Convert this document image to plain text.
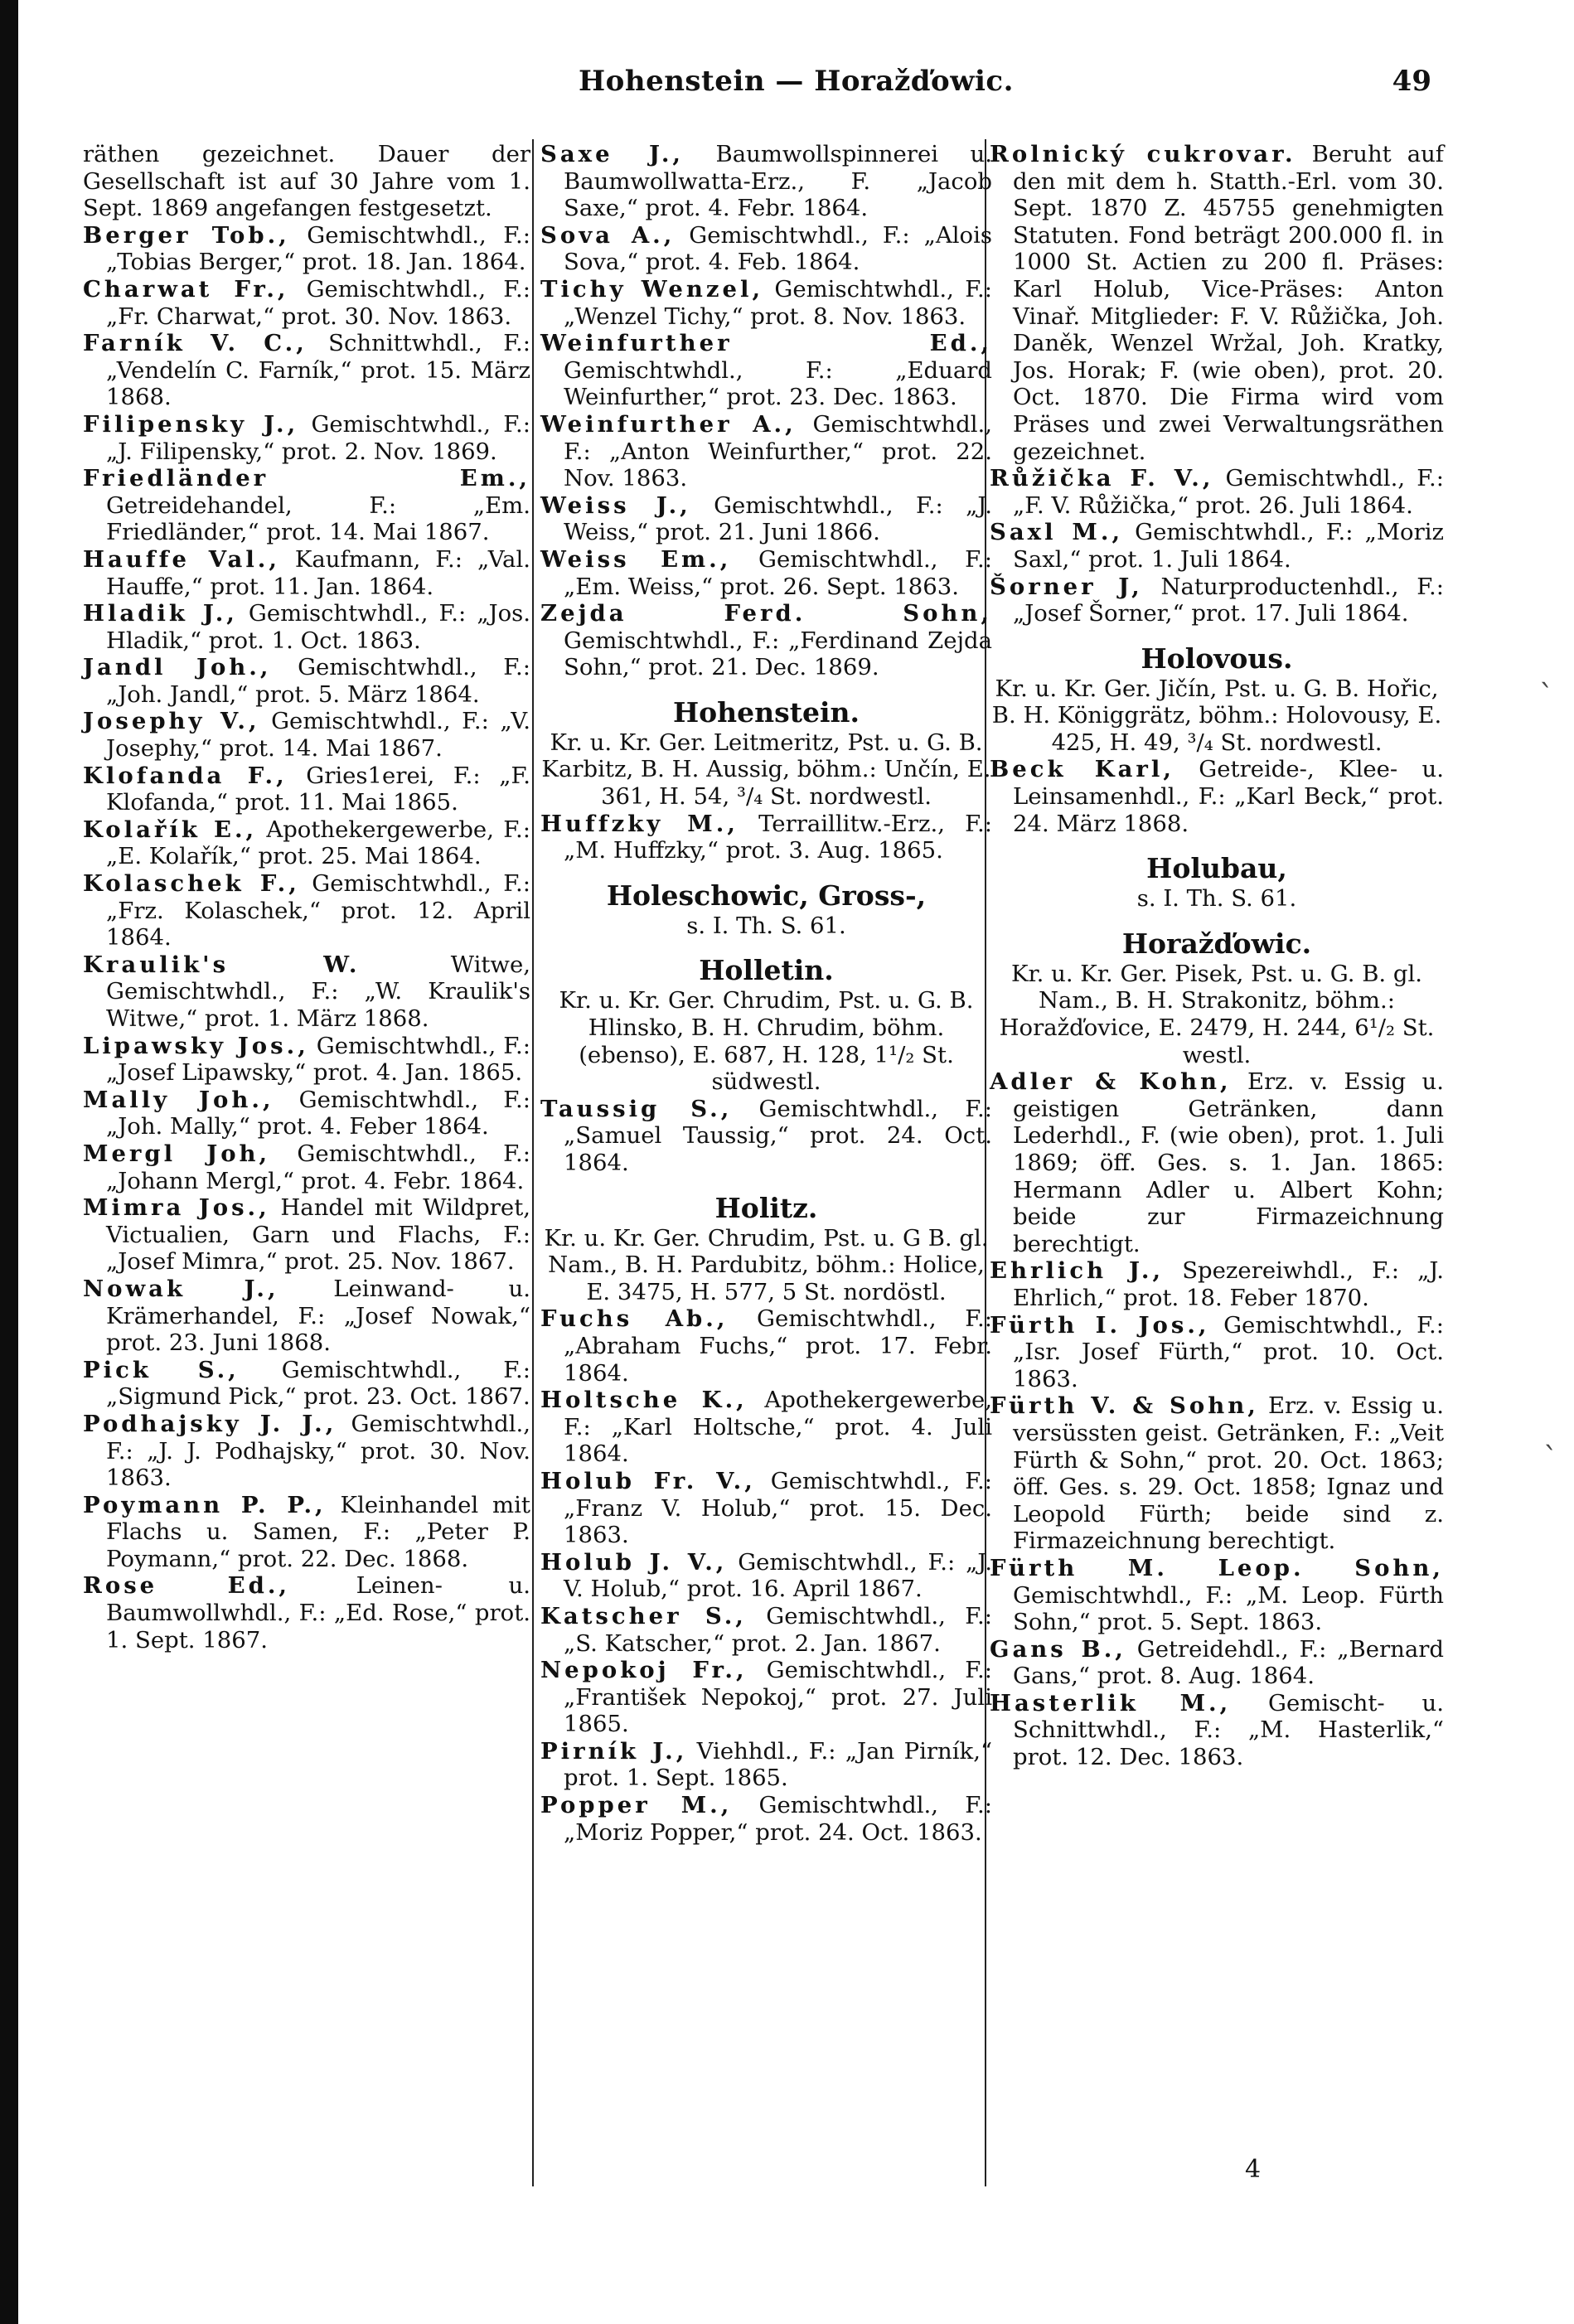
Hohenstein — Horažďowic.	49

räthen gezeichnet. Dauer der Gesellschaft ist auf 30 Jahre vom 1. Sept. 1869 angefangen festgesetzt.

Berger Tob., Gemischtwhdl., F.: „Tobias Berger,“ prot. 18. Jan. 1864.

Charwat Fr., Gemischtwhdl., F.: „Fr. Charwat,“ prot. 30. Nov. 1863.

Farník V. C., Schnittwhdl., F.: „Vendelín C. Farník,“ prot. 15. März 1868.

Filipensky J., Gemischtwhdl., F.: „J. Filipensky,“ prot. 2. Nov. 1869.

Friedländer Em., Getreidehandel, F.: „Em. Friedländer,“ prot. 14. Mai 1867.

Hauffe Val., Kaufmann, F.: „Val. Hauffe,“ prot. 11. Jan. 1864.

Hladik J., Gemischtwhdl., F.: „Jos. Hladik,“ prot. 1. Oct. 1863.

Jandl Joh., Gemischtwhdl., F.: „Joh. Jandl,“ prot. 5. März 1864.

Josephy V., Gemischtwhdl., F.: „V. Josephy,“ prot. 14. Mai 1867.

Klofanda F., Gries1erei, F.: „F. Klofanda,“ prot. 11. Mai 1865.

Kolařík E., Apothekergewerbe, F.: „E. Kolařík,“ prot. 25. Mai 1864.

Kolaschek F., Gemischtwhdl., F.: „Frz. Kolaschek,“ prot. 12. April 1864.

Kraulik's W. Witwe, Gemischtwhdl., F.: „W. Kraulik's Witwe,“ prot. 1. März 1868.

Lipawsky Jos., Gemischtwhdl., F.: „Josef Lipawsky,“ prot. 4. Jan. 1865.

Mally Joh., Gemischtwhdl., F.: „Joh. Mally,“ prot. 4. Feber 1864.

Mergl Joh, Gemischtwhdl., F.: „Johann Mergl,“ prot. 4. Febr. 1864.

Mimra Jos., Handel mit Wildpret, Victualien, Garn und Flachs, F.: „Josef Mimra,“ prot. 25. Nov. 1867.

Nowak J., Leinwand- u. Krämerhandel, F.: „Josef Nowak,“ prot. 23. Juni 1868.

Pick S., Gemischtwhdl., F.: „Sigmund Pick,“ prot. 23. Oct. 1867.

Podhajsky J. J., Gemischtwhdl., F.: „J. J. Podhajsky,“ prot. 30. Nov. 1863.

Poymann P. P., Kleinhandel mit Flachs u. Samen, F.: „Peter P. Poymann,“ prot. 22. Dec. 1868.

Rose Ed., Leinen- u. Baumwollwhdl., F.: „Ed. Rose,“ prot. 1. Sept. 1867.

Saxe J., Baumwollspinnerei u. Baumwollwatta-Erz., F. „Jacob Saxe,“ prot. 4. Febr. 1864.

Sova A., Gemischtwhdl., F.: „Alois Sova,“ prot. 4. Feb. 1864.

Tichy Wenzel, Gemischtwhdl., F.: „Wenzel Tichy,“ prot. 8. Nov. 1863.

Weinfurther Ed., Gemischtwhdl., F.: „Eduard Weinfurther,“ prot. 23. Dec. 1863.

Weinfurther A., Gemischtwhdl., F.: „Anton Weinfurther,“ prot. 22. Nov. 1863.

Weiss J., Gemischtwhdl., F.: „J. Weiss,“ prot. 21. Juni 1866.

Weiss Em., Gemischtwhdl., F.: „Em. Weiss,“ prot. 26. Sept. 1863.

Zejda Ferd. Sohn, Gemischtwhdl., F.: „Ferdinand Zejda Sohn,“ prot. 21. Dec. 1869.

Hohenstein.

Kr. u. Kr. Ger. Leitmeritz, Pst. u. G. B. Karbitz, B. H. Aussig, böhm.: Unčín, E. 361, H. 54, ³/₄ St. nordwestl.

Huffzky M., Terraillitw.-Erz., F.: „M. Huffzky,“ prot. 3. Aug. 1865.

Holeschowic, Gross-,

s. I. Th. S. 61.

Holletin.

Kr. u. Kr. Ger. Chrudim, Pst. u. G. B. Hlinsko, B. H. Chrudim, böhm. (ebenso), E. 687, H. 128, 1¹/₂ St. südwestl.

Taussig S., Gemischtwhdl., F.: „Samuel Taussig,“ prot. 24. Oct. 1864.

Holitz.

Kr. u. Kr. Ger. Chrudim, Pst. u. G B. gl. Nam., B. H. Pardubitz, böhm.: Holice, E. 3475, H. 577, 5 St. nordöstl.

Fuchs Ab., Gemischtwhdl., F.: „Abraham Fuchs,“ prot. 17. Febr. 1864.

Holtsche K., Apothekergewerbe, F.: „Karl Holtsche,“ prot. 4. Juli 1864.

Holub Fr. V., Gemischtwhdl., F.: „Franz V. Holub,“ prot. 15. Dec. 1863.

Holub J. V., Gemischtwhdl., F.: „J. V. Holub,“ prot. 16. April 1867.

Katscher S., Gemischtwhdl., F.: „S. Katscher,“ prot. 2. Jan. 1867.

Nepokoj Fr., Gemischtwhdl., F.: „František Nepokoj,“ prot. 27. Juli 1865.

Pirník J., Viehhdl., F.: „Jan Pirník,“ prot. 1. Sept. 1865.

Popper M., Gemischtwhdl., F.: „Moriz Popper,“ prot. 24. Oct. 1863.

Rolnický cukrovar. Beruht auf den mit dem h. Statth.-Erl. vom 30. Sept. 1870 Z. 45755 genehmigten Statuten. Fond beträgt 200.000 fl. in 1000 St. Actien zu 200 fl. Präses: Karl Holub, Vice-Präses: Anton Vinař. Mitglieder: F. V. Růžička, Joh. Daněk, Wenzel Wržal, Joh. Kratky, Jos. Horak; F. (wie oben), prot. 20. Oct. 1870. Die Firma wird vom Präses und zwei Verwaltungsräthen gezeichnet.

Růžička F. V., Gemischtwhdl., F.: „F. V. Růžička,“ prot. 26. Juli 1864.

Saxl M., Gemischtwhdl., F.: „Moriz Saxl,“ prot. 1. Juli 1864.

Šorner J, Naturproductenhdl., F.: „Josef Šorner,“ prot. 17. Juli 1864.

Holovous.

Kr. u. Kr. Ger. Jičín, Pst. u. G. B. Hořic, B. H. Königgrätz, böhm.: Holovousy, E. 425, H. 49, ³/₄ St. nordwestl.

Beck Karl, Getreide-, Klee- u. Leinsamenhdl., F.: „Karl Beck,“ prot. 24. März 1868.

Holubau,

s. I. Th. S. 61.

Horažďowic.

Kr. u. Kr. Ger. Pisek, Pst. u. G. B. gl. Nam., B. H. Strakonitz, böhm.: Horažďovice, E. 2479, H. 244, 6¹/₂ St. westl.

Adler & Kohn, Erz. v. Essig u. geistigen Getränken, dann Lederhdl., F. (wie oben), prot. 1. Juli 1869; öff. Ges. s. 1. Jan. 1865: Hermann Adler u. Albert Kohn; beide zur Firmazeichnung berechtigt.

Ehrlich J., Spezereiwhdl., F.: „J. Ehrlich,“ prot. 18. Feber 1870.

Fürth I. Jos., Gemischtwhdl., F.: „Isr. Josef Fürth,“ prot. 10. Oct. 1863.

Fürth V. & Sohn, Erz. v. Essig u. versüssten geist. Getränken, F.: „Veit Fürth & Sohn,“ prot. 20. Oct. 1863; öff. Ges. s. 29. Oct. 1858; Ignaz und Leopold Fürth; beide sind z. Firmazeichnung berechtigt.

Fürth M. Leop. Sohn, Gemischtwhdl., F.: „M. Leop. Fürth Sohn,“ prot. 5. Sept. 1863.

Gans B., Getreidehdl., F.: „Bernard Gans,“ prot. 8. Aug. 1864.

Hasterlik M., Gemischt- u. Schnittwhdl., F.: „M. Hasterlik,“ prot. 12. Dec. 1863.

4
ˋ
ˋ
